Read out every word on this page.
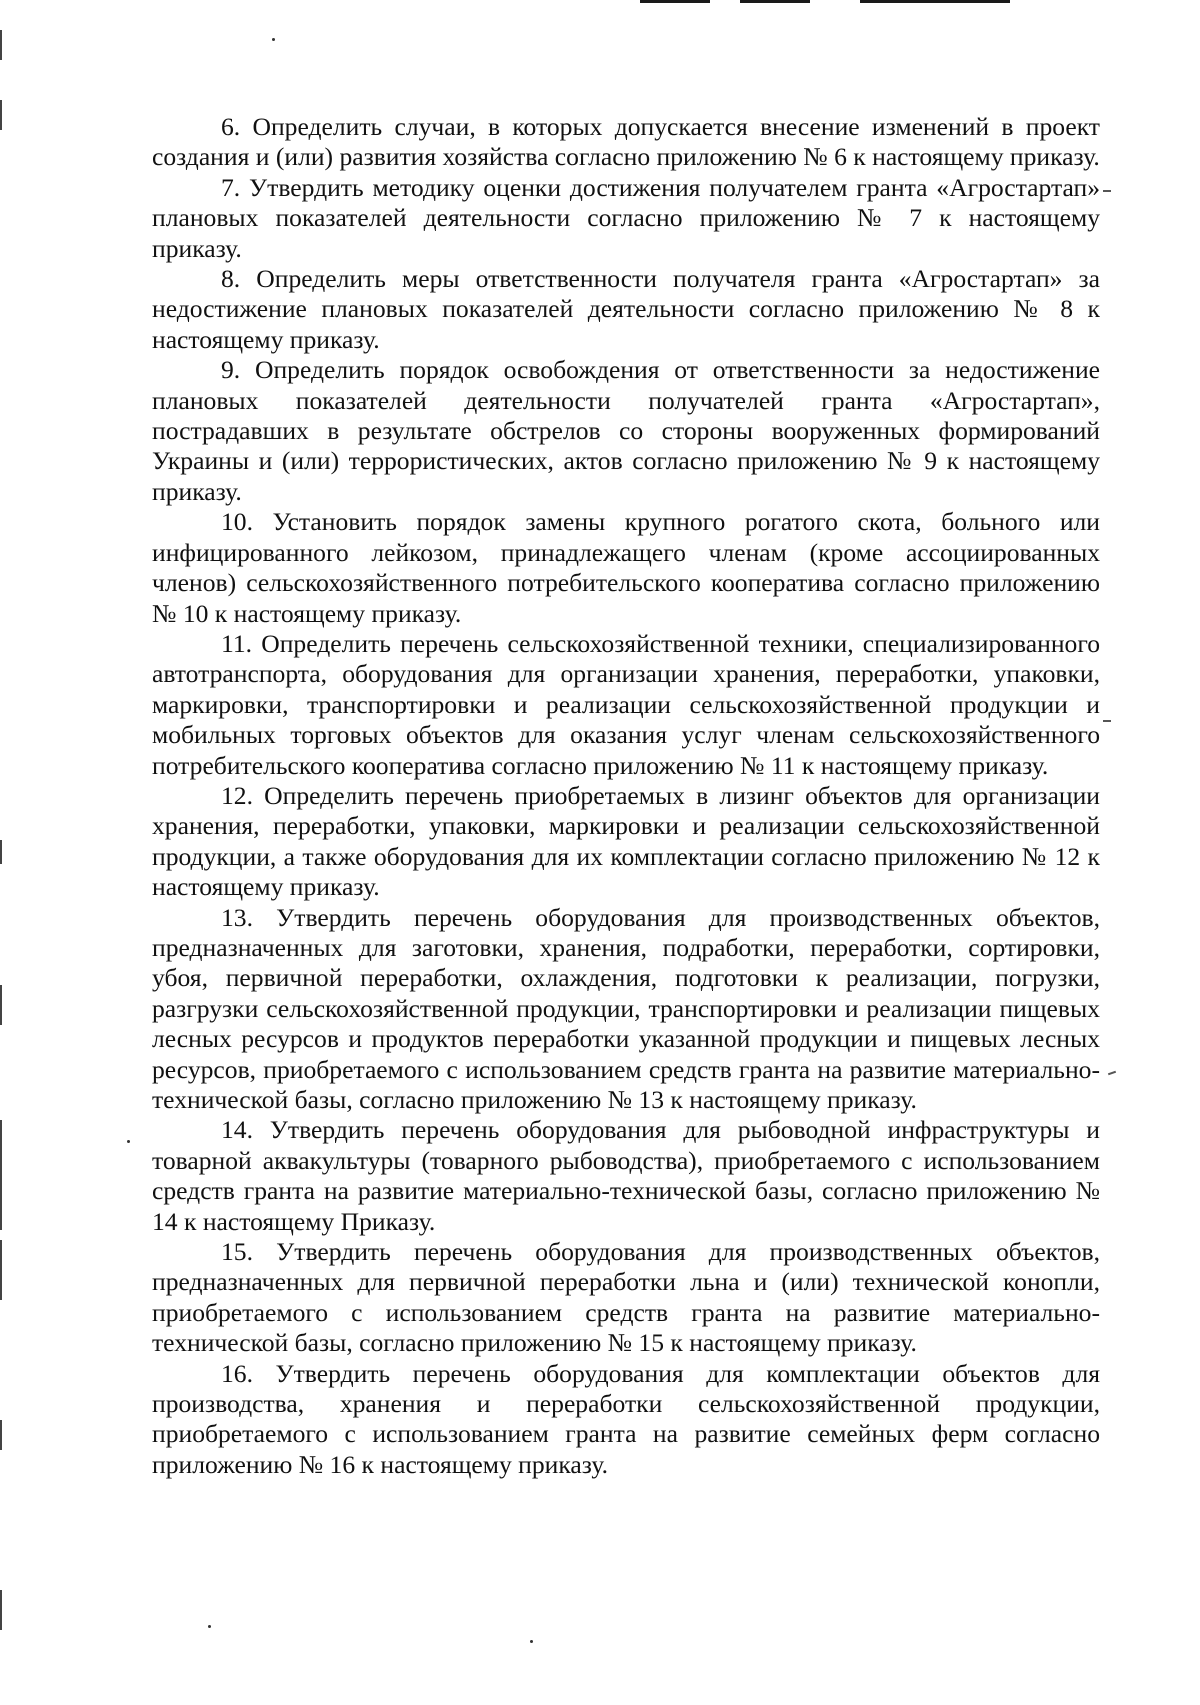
6. Определить случаи, в которых допускается внесение изменений в проект создания и (или) развития хозяйства согласно приложению № 6 к настоящему приказу.

7. Утвердить методику оценки достижения получателем гранта «Агростартап» плановых показателей деятельности согласно приложению № 7 к настоящему приказу.

8. Определить меры ответственности получателя гранта «Агростартап» за недостижение плановых показателей деятельности согласно приложению № 8 к настоящему приказу.

9. Определить порядок освобождения от ответственности за недостижение плановых показателей деятельности получателей гранта «Агростартап», пострадавших в результате обстрелов со стороны вооруженных формирований Украины и (или) террористических, актов согласно приложению № 9 к настоящему приказу.

10. Установить порядок замены крупного рогатого скота, больного или инфицированного лейкозом, принадлежащего членам (кроме ассоциированных членов) сельскохозяйственного потребительского кооператива согласно приложению № 10 к настоящему приказу.

11. Определить перечень сельскохозяйственной техники, специализированного автотранспорта, оборудования для организации хранения, переработки, упаковки, маркировки, транспортировки и реализации сельскохозяйственной продукции и мобильных торговых объектов для оказания услуг членам сельскохозяйственного потребительского кооператива согласно приложению № 11 к настоящему приказу.

12. Определить перечень приобретаемых в лизинг объектов для организации хранения, переработки, упаковки, маркировки и реализации сельскохозяйственной продукции, а также оборудования для их комплектации согласно приложению № 12 к настоящему приказу.

13. Утвердить перечень оборудования для производственных объектов, предназначенных для заготовки, хранения, подработки, переработки, сортировки, убоя, первичной переработки, охлаждения, подготовки к реализации, погрузки, разгрузки сельскохозяйственной продукции, транспортировки и реализации пищевых лесных ресурсов и продуктов переработки указанной продукции и пищевых лесных ресурсов, приобретаемого с использованием средств гранта на развитие материально-технической базы, согласно приложению № 13 к настоящему приказу.

14. Утвердить перечень оборудования для рыбоводной инфраструктуры и товарной аквакультуры (товарного рыбоводства), приобретаемого с использованием средств гранта на развитие материально-технической базы, согласно приложению № 14 к настоящему Приказу.

15. Утвердить перечень оборудования для производственных объектов, предназначенных для первичной переработки льна и (или) технической конопли, приобретаемого с использованием средств гранта на развитие материально-технической базы, согласно приложению № 15 к настоящему приказу.

16. Утвердить перечень оборудования для комплектации объектов для производства, хранения и переработки сельскохозяйственной продукции, приобретаемого с использованием гранта на развитие семейных ферм согласно приложению № 16 к настоящему приказу.
